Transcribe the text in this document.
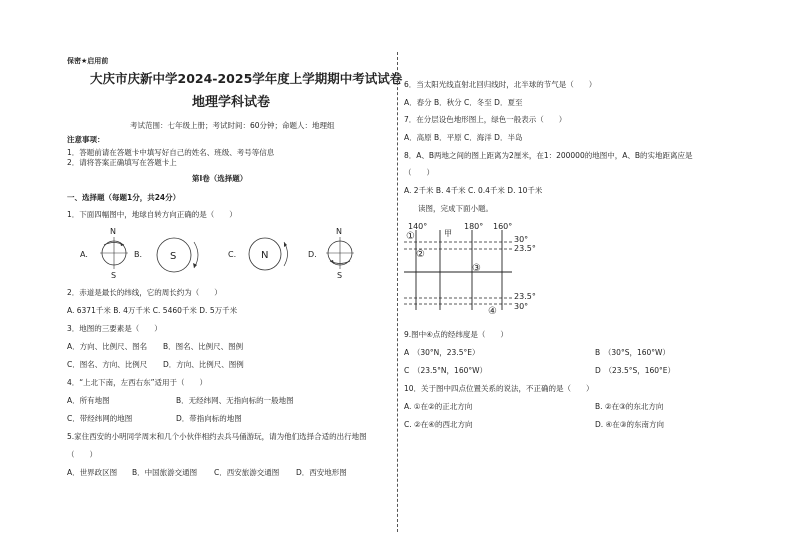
保密★启用前
大庆市庆新中学2024-2025学年度上学期期中考试试卷
地理学科试卷
考试范围：七年级上册；考试时间：60分钟；命题人：地理组
注意事项：
1．答题前请在答题卡中填写好自己的姓名、班级、考号等信息
2．请将答案正确填写在答题卡上
第Ⅰ卷（选择题）
一、选择题（每题1分，共24分）
1．下面四幅图中，地球自转方向正确的是（　　）
A.
N
S
B.	S	C. N	D.
N
S
2．赤道是最长的纬线，它的周长约为（　　）
A. 6371千米 B. 4万千米 C. 5460千米 D. 5万千米
3．地图的三要素是（　　）
A．方向、比例尺、图名 B．图名、比例尺、图例
C．图名、方向、比例尺 D．方向、比例尺、图例
4．“上北下南，左西右东”适用于（　　）
A．所有地图	B．无经纬网、无指向标的一般地图
C．带经纬网的地图	D．带指向标的地图
5.家住西安的小明同学周末和几个小伙伴相约去兵马俑游玩，请为他们选择合适的出行地图
（　　）
A．世界政区图 B．中国旅游交通图 C．西安旅游交通图 D．西安地形图
6．当太阳光线直射北回归线时，北半球的节气是（　　）
A．春分 B．秋分 C．冬至 D．夏至
7．在分层设色地形图上，绿色一般表示（　　）
A．高原 B．平原 C．海洋 D．半岛
8．A、B两地之间的图上距离为2厘米，在1：200000的地图中，A、B的实地距离应是
（　　）
A. 2千米 B. 4千米 C. 0.4千米 D. 10千米
读图，完成下面小题。
140°
甲
180° 160°
30°
23.5°
23.5°
30°
①
②
③
④
9.图中④点的经纬度是（　　）
A　（30°N，23.5°E）	B　（30°S，160°W）
C　（23.5°N，160°W）	D　（23.5°S，160°E）
10．关于图中四点位置关系的说法，不正确的是（　　）
A. ①在②的正北方向	B. ②在③的东北方向
C. ②在④的西北方向	D. ④在③的东南方向
